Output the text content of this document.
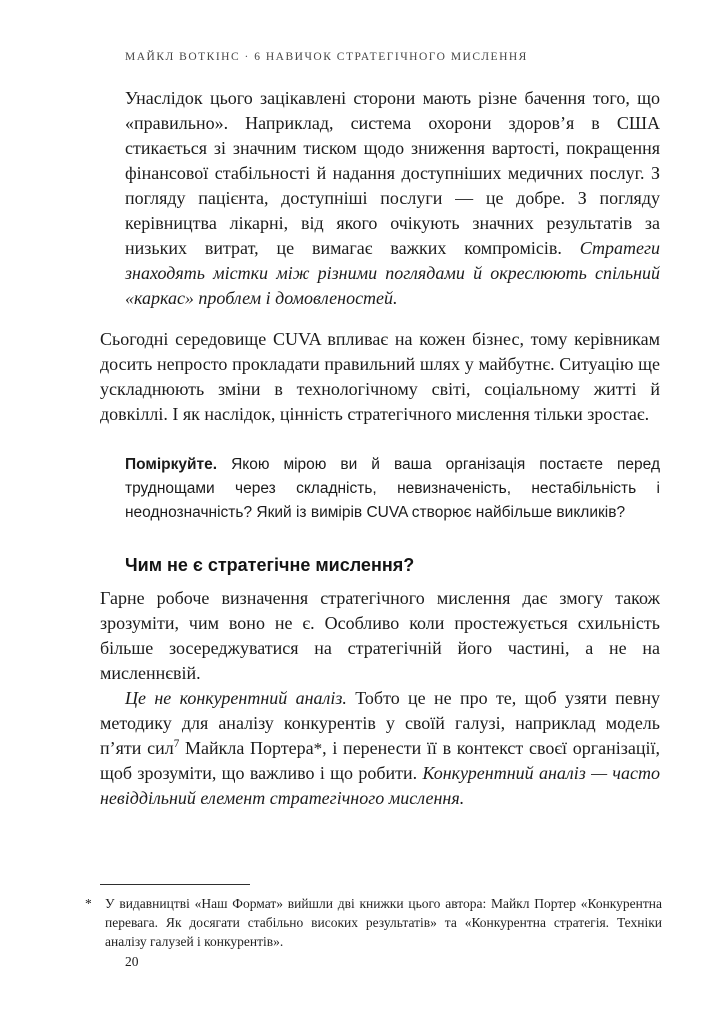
МАЙКЛ ВОТКІНС · 6 НАВИЧОК СТРАТЕГІЧНОГО МИСЛЕННЯ

Унаслідок цього зацікавлені сторони мають різне бачення того, що «правильно». Наприклад, система охорони здоров’я в США стикається зі значним тиском щодо зниження вартості, покращення фінансової стабільності й надання доступніших медичних послуг. З погляду пацієнта, доступніші послуги — це добре. З погляду керівництва лікарні, від якого очікують значних результатів за низьких витрат, це вимагає важких компромісів. Стратеги знаходять містки між різними поглядами й окреслюють спільний «каркас» проблем і домовленостей.

Сьогодні середовище CUVA впливає на кожен бізнес, тому керівникам досить непросто прокладати правильний шлях у майбутнє. Ситуацію ще ускладнюють зміни в технологічному світі, соціальному житті й довкіллі. І як наслідок, цінність стратегічного мислення тільки зростає.

Поміркуйте. Якою мірою ви й ваша організація постаєте перед труднощами через складність, невизначеність, нестабільність і неоднозначність? Який із вимірів CUVA створює найбільше викликів?
Чим не є стратегічне мислення?

Гарне робоче визначення стратегічного мислення дає змогу також зрозуміти, чим воно не є. Особливо коли простежується схильність більше зосереджуватися на стратегічній його частині, а не на мисленнєвій.

Це не конкурентний аналіз. Тобто це не про те, щоб узяти певну методику для аналізу конкурентів у своїй галузі, наприклад модель п’яти сил$^7$ Майкла Портера*, і перенести її в контекст своєї організації, щоб зрозуміти, що важливо і що робити. Конкурентний аналіз — часто невіддільний елемент стратегічного мислення.

* У видавництві «Наш Формат» вийшли дві книжки цього автора: Майкл Портер «Конкурентна перевага. Як досягати стабільно високих результатів» та «Конкурентна стратегія. Техніки аналізу галузей і конкурентів».
20
